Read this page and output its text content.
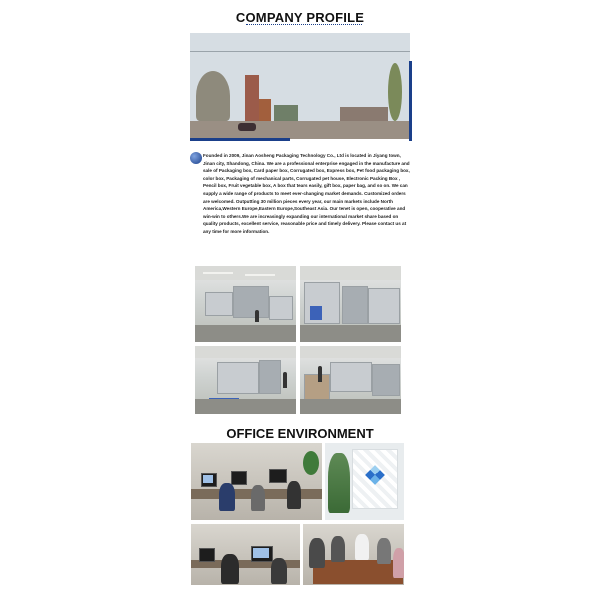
COMPANY PROFILE
Founded in 2009, Jinan Aosheng Packaging Technology Co., Ltd is located in Jiyang town, Jinan city, Shandong, China. We are a professional enterprise engaged in the manufacture and sale of Packaging box, Card paper box, Corrugated box, Express box, Pet food packaging box, color box, Packaging of mechanical parts, Corrugated pet house, Electronic Packing Box , Pencil box, Fruit vegetable box, A box that tears easily, gift box, paper bag, and so on. We can supply a wide range of products to meet ever-changing market demands. Customized orders are welcomed. Outputting 30 million pieces every year, our main markets include North America,Western Europe,Eastern Europe,Southeast Asia. Our tenet is open, cooperative and win-win to others.We are increasingly expanding our international market share based on quality products, excellent service, reasonable price and timely delivery. Please contact us at any time for more information.
OFFICE ENVIRONMENT
